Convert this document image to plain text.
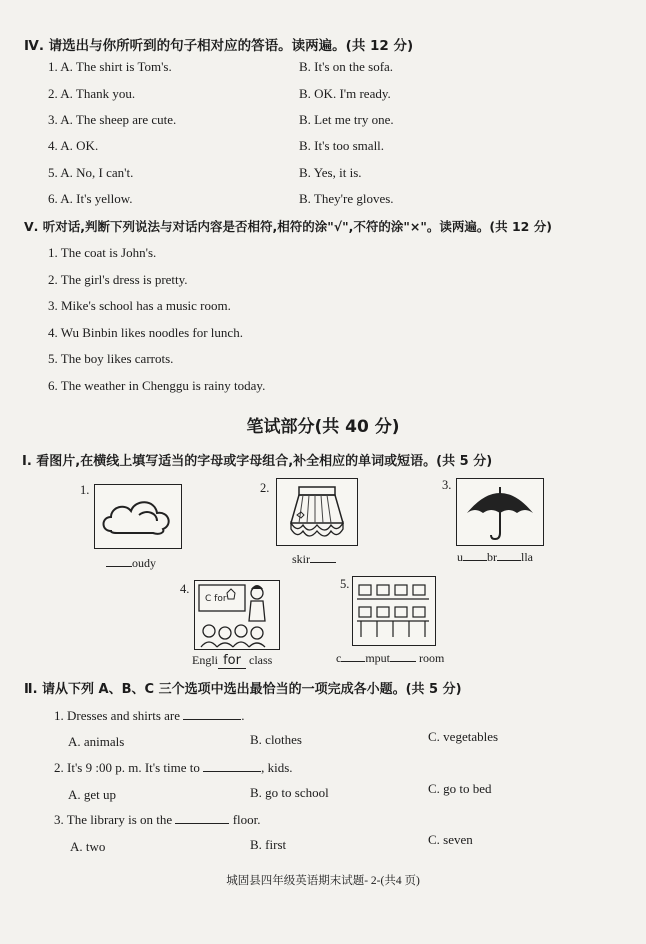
Ⅳ. 请选出与你所听到的句子相对应的答语。读两遍。(共 12 分)
1. A. The shirt is Tom's.	B. It's on the sofa.
2. A. Thank you.	B. OK. I'm ready.
3. A. The sheep are cute.	B. Let me try one.
4. A. OK.	B. It's too small.
5. A. No, I can't.	B. Yes, it is.
6. A. It's yellow.	B. They're gloves.
Ⅴ. 听对话,判断下列说法与对话内容是否相符,相符的涂"√",不符的涂"×"。读两遍。(共 12 分)
1. The coat is John's.
2. The girl's dress is pretty.
3. Mike's school has a music room.
4. Wu Binbin likes noodles for lunch.
5. The boy likes carrots.
6. The weather in Chenggu is rainy today.
笔试部分(共 40 分)
Ⅰ. 看图片,在横线上填写适当的字母或字母组合,补全相应的单词或短语。(共 5 分)
1.
oudy
2.
skir
3.
u br lla
4.
C for
Engli for class
5.
c mput room
Ⅱ. 请从下列 A、B、C 三个选项中选出最恰当的一项完成各小题。(共 5 分)
1. Dresses and shirts are	.
A. animals	B. clothes	C. vegetables
2. It's 9 :00 p. m. It's time to	, kids.
A. get up	B. go to school	C. go to bed
3. The library is on the	floor.
A. two	B. first	C. seven
城固县四年级英语期末试题- 2-(共4 页)
